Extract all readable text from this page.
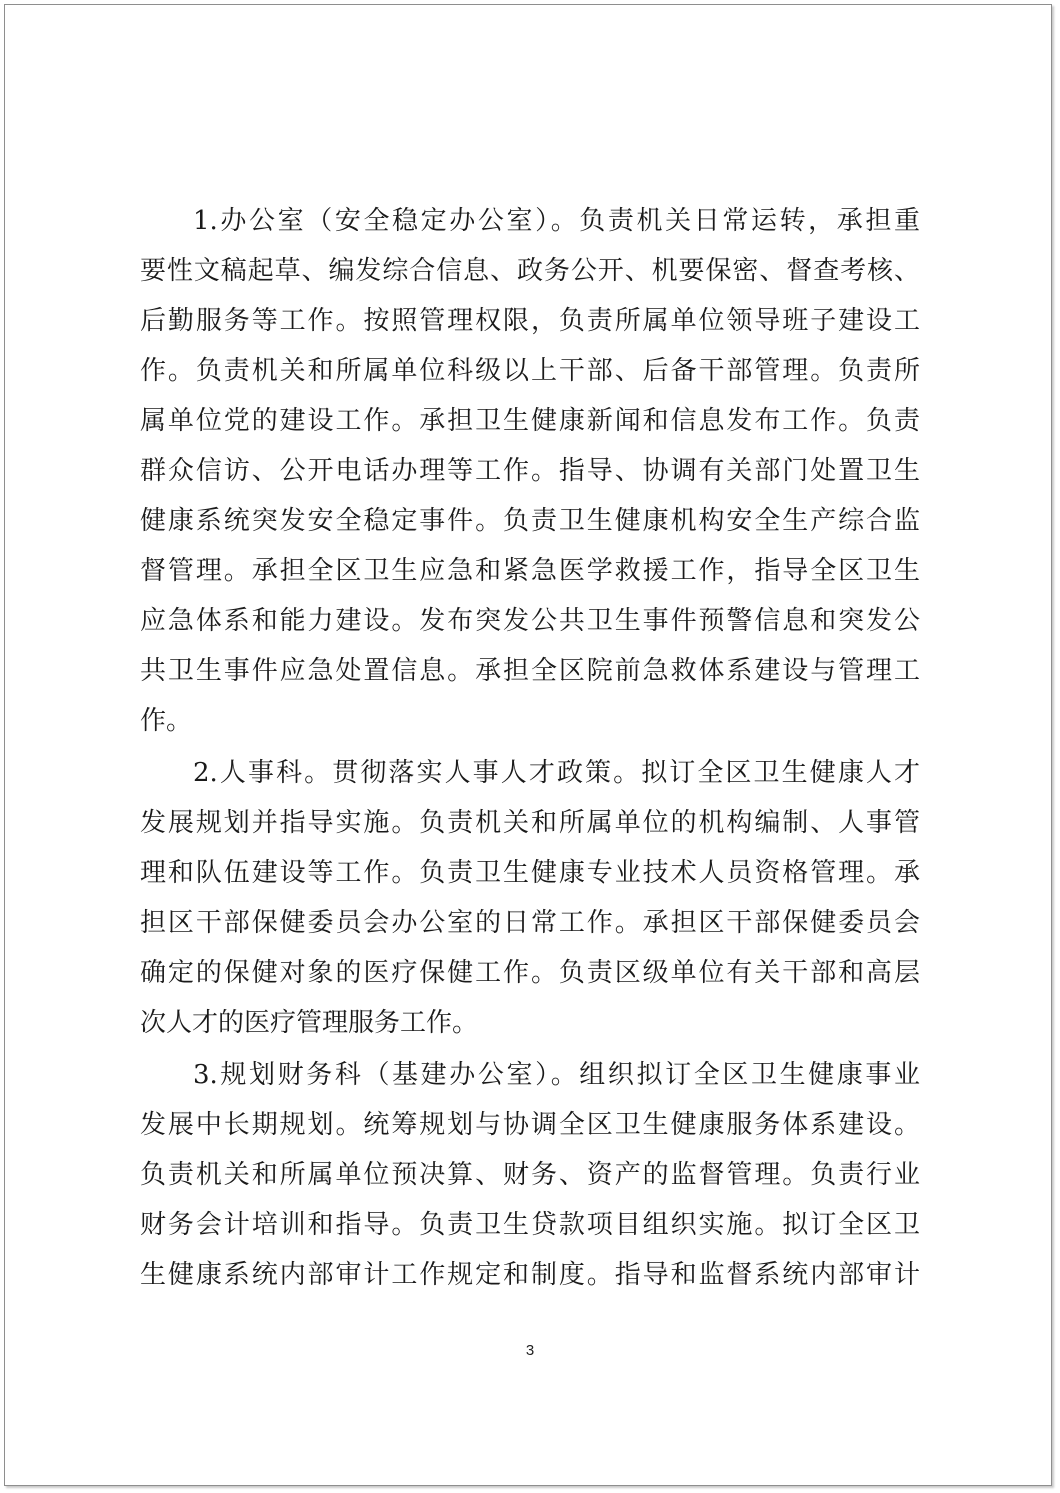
1.办公室（安全稳定办公室）。负责机关日常运转，承担重
要性文稿起草、编发综合信息、政务公开、机要保密、督查考核、
后勤服务等工作。按照管理权限，负责所属单位领导班子建设工
作。负责机关和所属单位科级以上干部、后备干部管理。负责所
属单位党的建设工作。承担卫生健康新闻和信息发布工作。负责
群众信访、公开电话办理等工作。指导、协调有关部门处置卫生
健康系统突发安全稳定事件。负责卫生健康机构安全生产综合监
督管理。承担全区卫生应急和紧急医学救援工作，指导全区卫生
应急体系和能力建设。发布突发公共卫生事件预警信息和突发公
共卫生事件应急处置信息。承担全区院前急救体系建设与管理工
作。
2.人事科。贯彻落实人事人才政策。拟订全区卫生健康人才
发展规划并指导实施。负责机关和所属单位的机构编制、人事管
理和队伍建设等工作。负责卫生健康专业技术人员资格管理。承
担区干部保健委员会办公室的日常工作。承担区干部保健委员会
确定的保健对象的医疗保健工作。负责区级单位有关干部和高层
次人才的医疗管理服务工作。
3.规划财务科（基建办公室）。组织拟订全区卫生健康事业
发展中长期规划。统筹规划与协调全区卫生健康服务体系建设。
负责机关和所属单位预决算、财务、资产的监督管理。负责行业
财务会计培训和指导。负责卫生贷款项目组织实施。拟订全区卫
生健康系统内部审计工作规定和制度。指导和监督系统内部审计
3
